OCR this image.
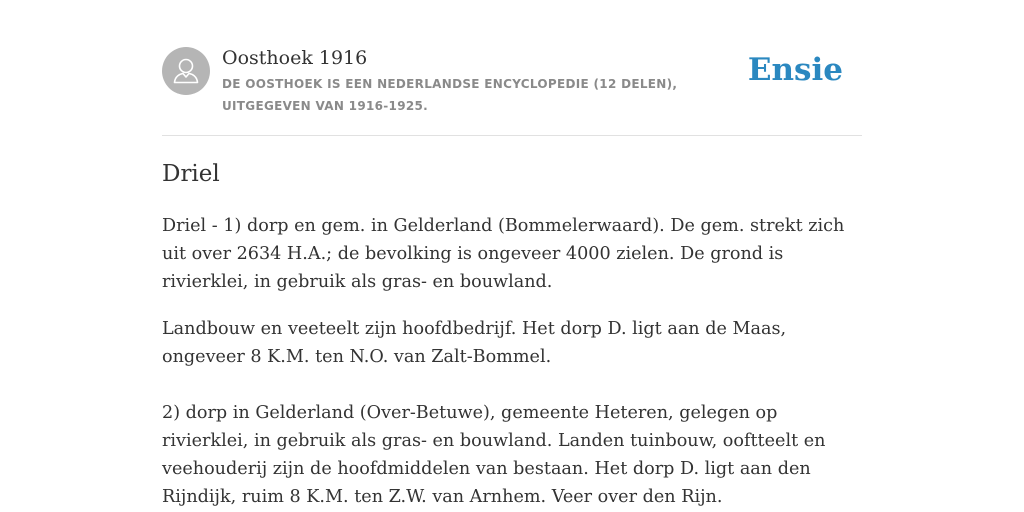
Oosthoek 1916
DE OOSTHOEK IS EEN NEDERLANDSE ENCYCLOPEDIE (12 DELEN), UITGEGEVEN VAN 1916-1925.
Ensie
Driel

Driel - 1) dorp en gem. in Gelderland (Bommelerwaard). De gem. strekt zich uit over 2634 H.A.; de bevolking is ongeveer 4000 zielen. De grond is rivierklei, in gebruik als gras- en bouwland.

Landbouw en veeteelt zijn hoofdbedrijf. Het dorp D. ligt aan de Maas, ongeveer 8 K.M. ten N.O. van Zalt-Bommel.

2) dorp in Gelderland (Over-Betuwe), gemeente Heteren, gelegen op rivierklei, in gebruik als gras- en bouwland. Landen tuinbouw, ooftteelt en veehouderij zijn de hoofdmiddelen van bestaan. Het dorp D. ligt aan den Rijndijk, ruim 8 K.M. ten Z.W. van Arnhem. Veer over den Rijn.
